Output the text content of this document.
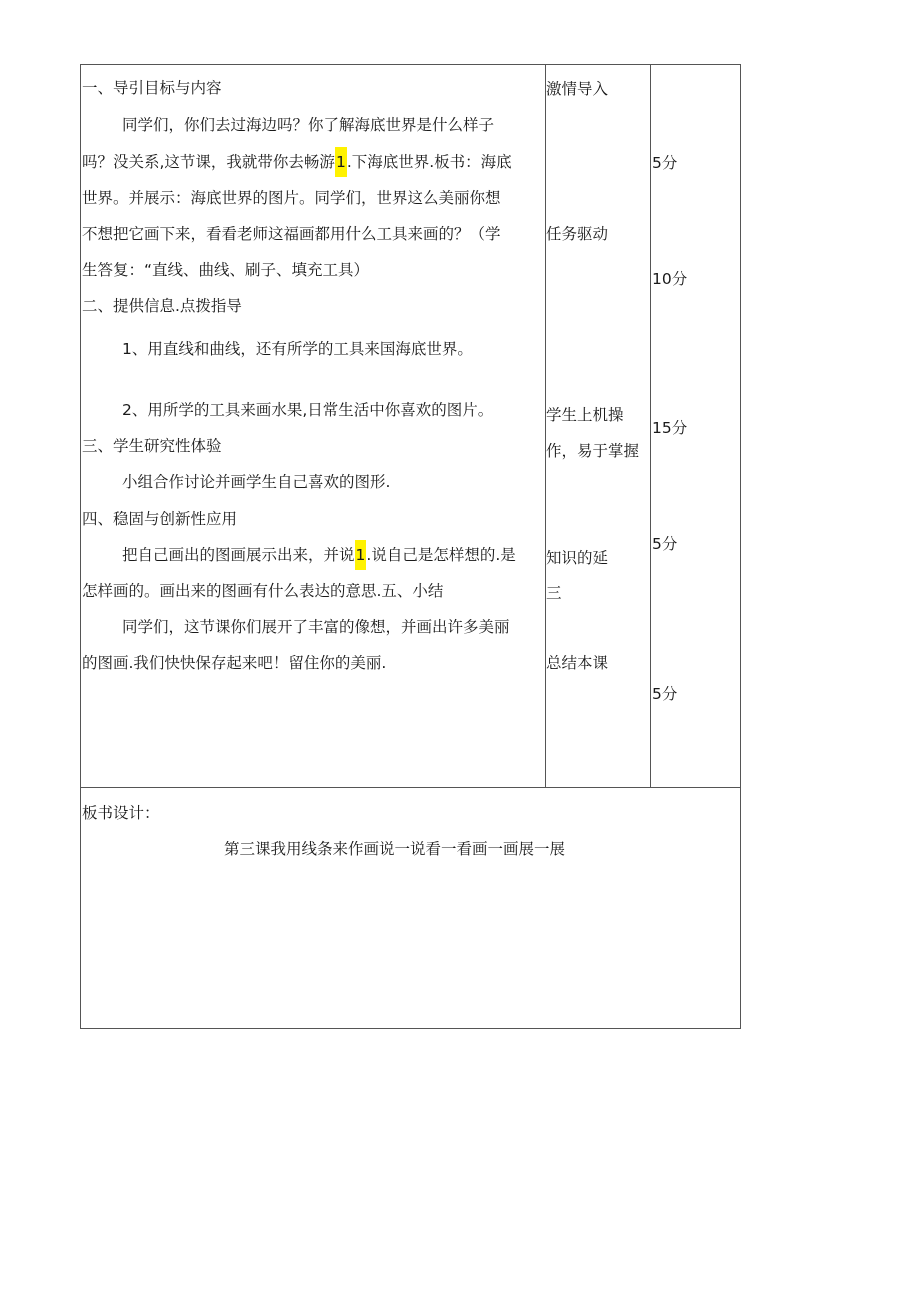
一、导引目标与内容
同学们，你们去过海边吗？你了解海底世界是什么样子
吗？没关系,这节课，我就带你去畅游1.下海底世界.板书：海底
世界。并展示：海底世界的图片。同学们，世界这么美丽你想
不想把它画下来，看看老师这福画都用什么工具来画的？（学
生答复：“直线、曲线、刷子、填充工具）
二、提供信息.点拨指导
1、用直线和曲线，还有所学的工具来国海底世界。
2、用所学的工具来画水果,日常生活中你喜欢的图片。
三、学生研究性体验
小组合作讨论并画学生自己喜欢的图形.
四、稳固与创新性应用
把自己画出的图画展示出来，并说1.说自己是怎样想的.是
怎样画的。画出来的图画有什么表达的意思.五、小结
同学们，这节课你们展开了丰富的像想，并画出许多美丽
的图画.我们快快保存起来吧！留住你的美丽.
激情导入
任务驱动
学生上机操
作，易于掌握
知识的延
三
总结本课
5分
10分
15分
5分
5分
板书设计：
第三课我用线条来作画说一说看一看画一画展一展
